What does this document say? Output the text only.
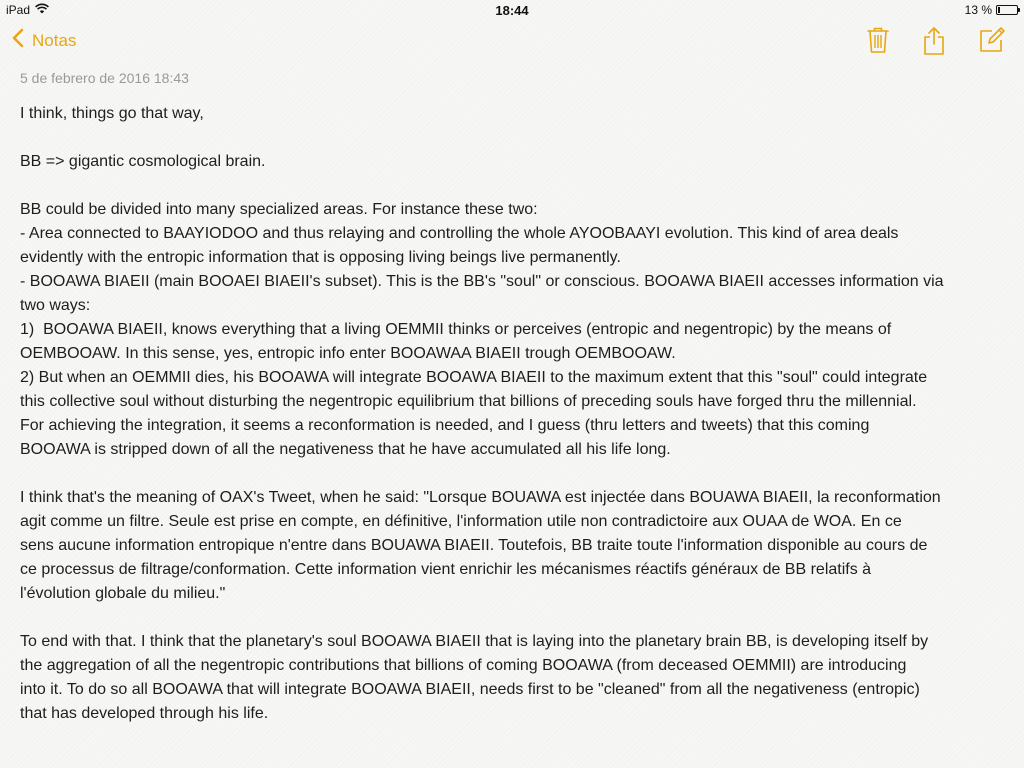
iPad	18:44	13 %
Notas
5 de febrero de 2016 18:43
I think, things go that way,
BB => gigantic cosmological brain.
BB could be divided into many specialized areas. For instance these two:
- Area connected to BAAYIODOO and thus relaying and controlling the whole AYOOBAAYI evolution. This kind of area deals
evidently with the entropic information that is opposing living beings live permanently.
- BOOAWA BIAEII (main BOOAEI BIAEII's subset). This is the BB's "soul" or conscious. BOOAWA BIAEII accesses information via
two ways:
1)  BOOAWA BIAEII, knows everything that a living OEMMII thinks or perceives (entropic and negentropic) by the means of
OEMBOOAW. In this sense, yes, entropic info enter BOOAWAA BIAEII trough OEMBOOAW.
2) But when an OEMMII dies, his BOOAWA will integrate BOOAWA BIAEII to the maximum extent that this "soul" could integrate
this collective soul without disturbing the negentropic equilibrium that billions of preceding souls have forged thru the millennial.
For achieving the integration, it seems a reconformation is needed, and I guess (thru letters and tweets) that this coming
BOOAWA is stripped down of all the negativeness that he have accumulated all his life long.
I think that's the meaning of OAX's Tweet, when he said: "Lorsque BOUAWA est injectée dans BOUAWA BIAEII, la reconformation
agit comme un filtre. Seule est prise en compte, en définitive, l'information utile non contradictoire aux OUAA de WOA. En ce
sens aucune information entropique n'entre dans BOUAWA BIAEII. Toutefois, BB traite toute l'information disponible au cours de
ce processus de filtrage/conformation. Cette information vient enrichir les mécanismes réactifs généraux de BB relatifs à
l'évolution globale du milieu."
To end with that. I think that the planetary's soul BOOAWA BIAEII that is laying into the planetary brain BB, is developing itself by
the aggregation of all the negentropic contributions that billions of coming BOOAWA (from deceased OEMMII) are introducing
into it. To do so all BOOAWA that will integrate BOOAWA BIAEII, needs first to be "cleaned" from all the negativeness (entropic)
that has developed through his life.
